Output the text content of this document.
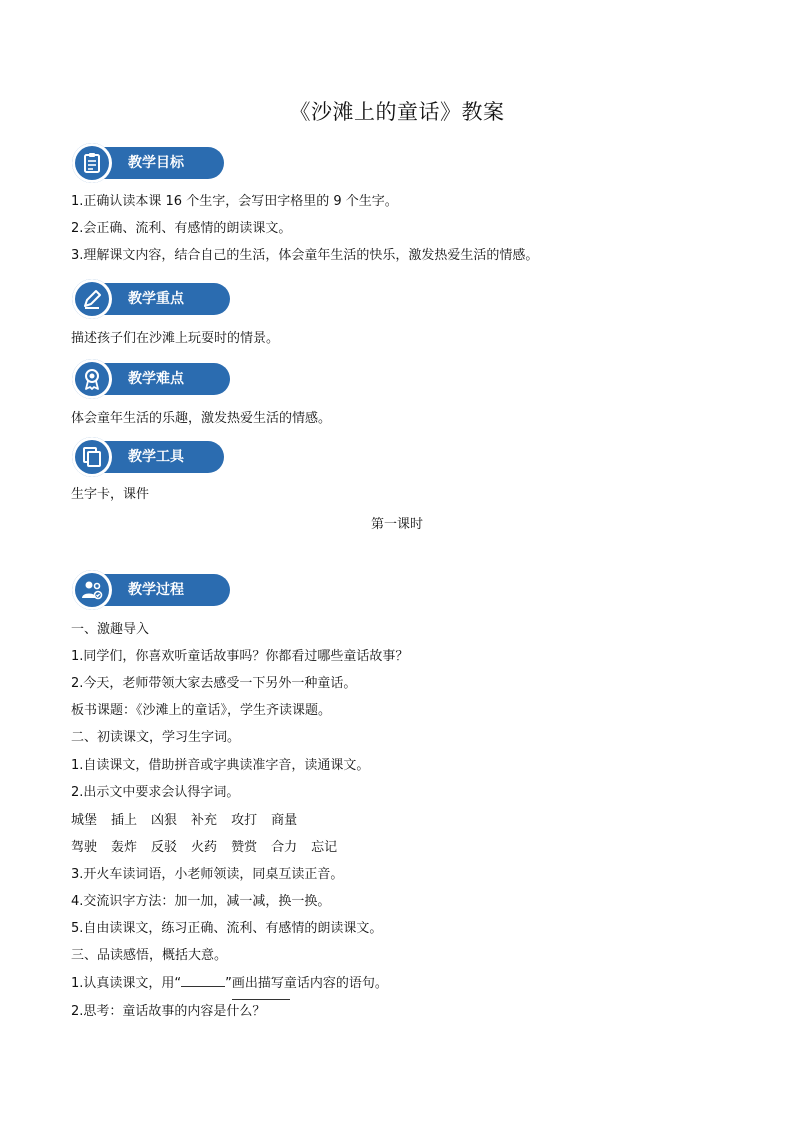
《沙滩上的童话》教案
教学目标
1.正确认读本课 16 个生字，会写田字格里的 9 个生字。
2.会正确、流利、有感情的朗读课文。
3.理解课文内容，结合自己的生活，体会童年生活的快乐，激发热爱生活的情感。
教学重点
描述孩子们在沙滩上玩耍时的情景。
教学难点
体会童年生活的乐趣，激发热爱生活的情感。
教学工具
生字卡，课件
第一课时
教学过程
一、激趣导入
1.同学们，你喜欢听童话故事吗？你都看过哪些童话故事？
2.今天，老师带领大家去感受一下另外一种童话。
板书课题：《沙滩上的童话》，学生齐读课题。
二、初读课文，学习生字词。
1.自读课文，借助拼音或字典读准字音，读通课文。
2.出示文中要求会认得字词。
城堡 插上 凶狠 补充 攻打 商量
驾驶 轰炸 反驳 火药 赞赏 合力 忘记
3.开火车读词语，小老师领读，同桌互读正音。
4.交流识字方法：加一加，减一减，换一换。
5.自由读课文，练习正确、流利、有感情的朗读课文。
三、品读感悟，概括大意。
1.认真读课文，用“	”画出描写童话内容的语句。
2.思考：童话故事的内容是什么？
